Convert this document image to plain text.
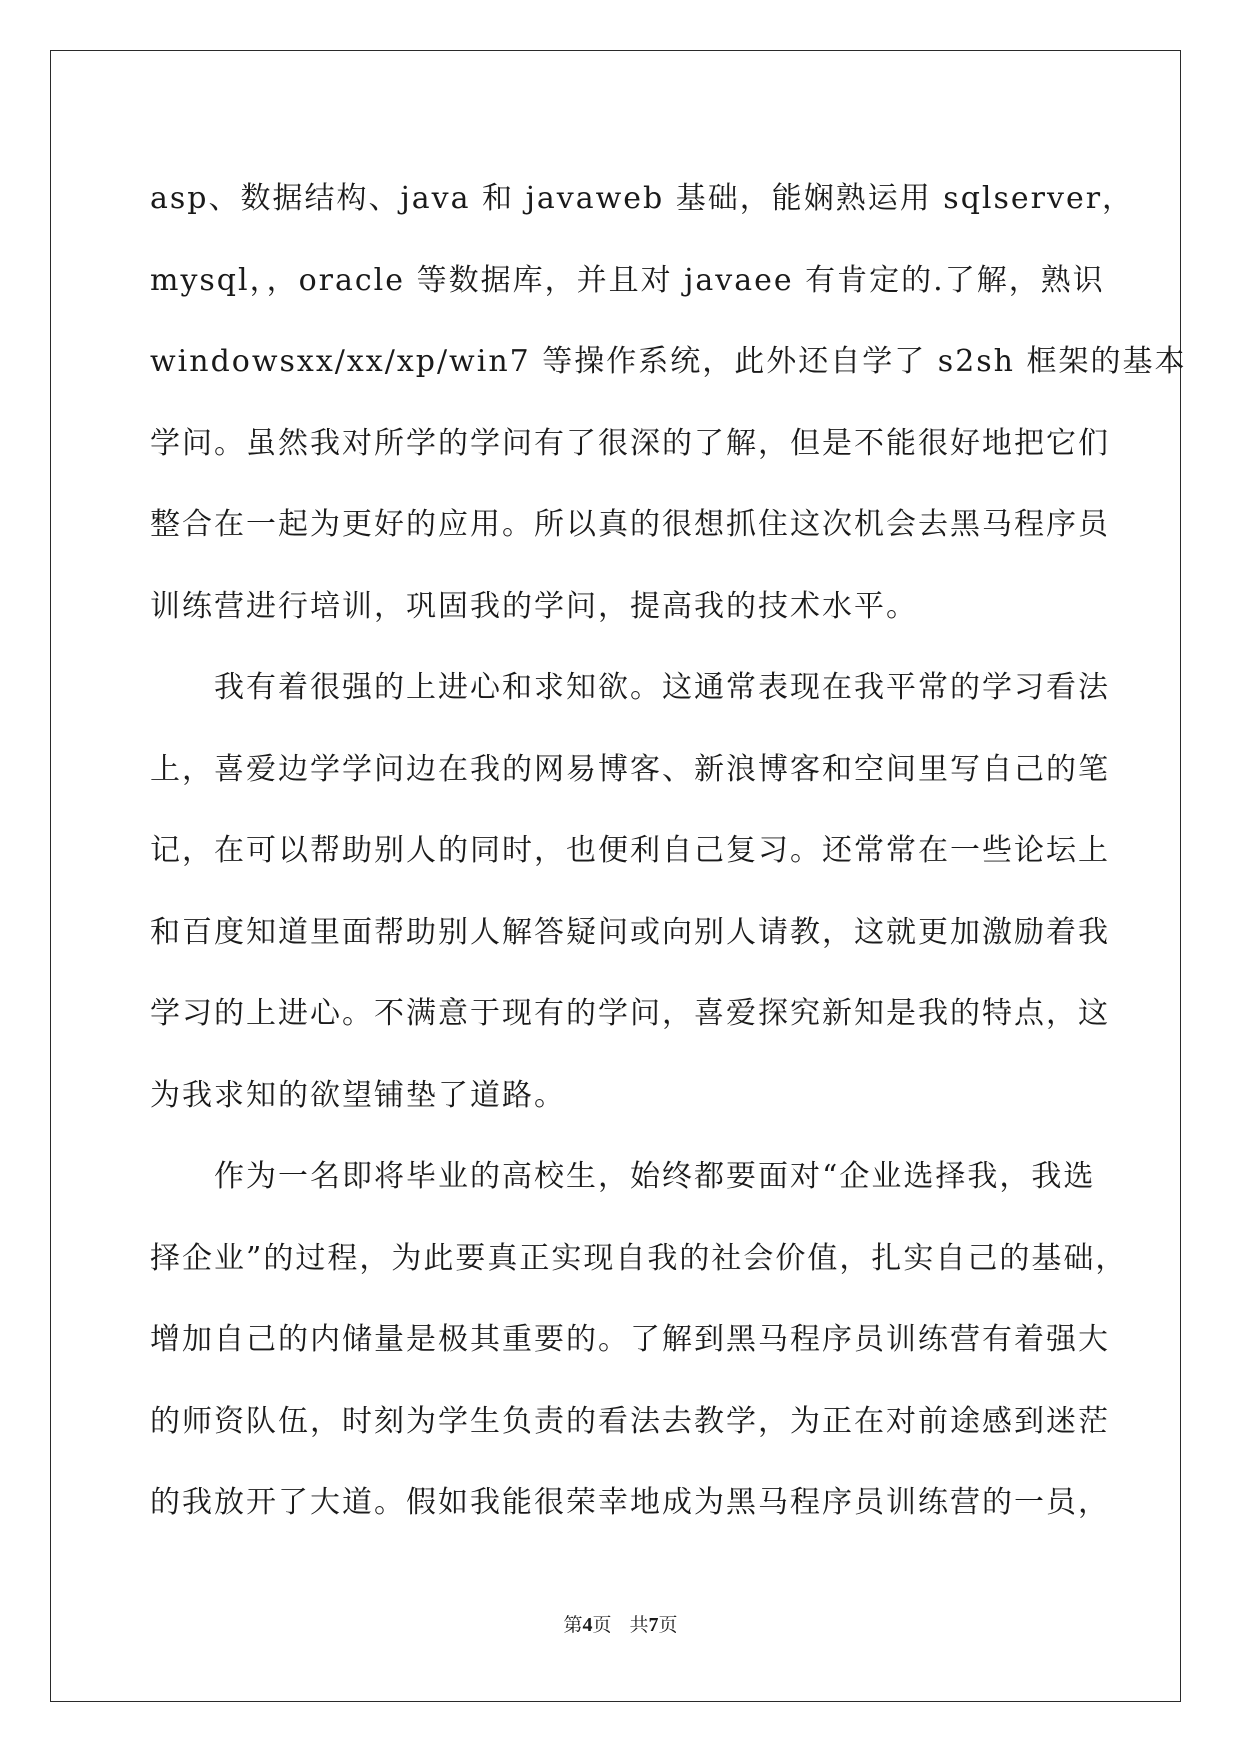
asp、数据结构、java 和 javaweb 基础，能娴熟运用 sqlserver，
mysql，，oracle 等数据库，并且对 javaee 有肯定的.了解，熟识
windowsxx/xx/xp/win7 等操作系统，此外还自学了 s2sh 框架的基本
学问。虽然我对所学的学问有了很深的了解，但是不能很好地把它们
整合在一起为更好的应用。所以真的很想抓住这次机会去黑马程序员
训练营进行培训，巩固我的学问，提高我的技术水平。

我有着很强的上进心和求知欲。这通常表现在我平常的学习看法
上，喜爱边学学问边在我的网易博客、新浪博客和空间里写自己的笔
记，在可以帮助别人的同时，也便利自己复习。还常常在一些论坛上
和百度知道里面帮助别人解答疑问或向别人请教，这就更加激励着我
学习的上进心。不满意于现有的学问，喜爱探究新知是我的特点，这
为我求知的欲望铺垫了道路。

作为一名即将毕业的高校生，始终都要面对“企业选择我，我选
择企业”的过程，为此要真正实现自我的社会价值，扎实自己的基础，
增加自己的内储量是极其重要的。了解到黑马程序员训练营有着强大
的师资队伍，时刻为学生负责的看法去教学，为正在对前途感到迷茫
的我放开了大道。假如我能很荣幸地成为黑马程序员训练营的一员，

第4页 共7页
